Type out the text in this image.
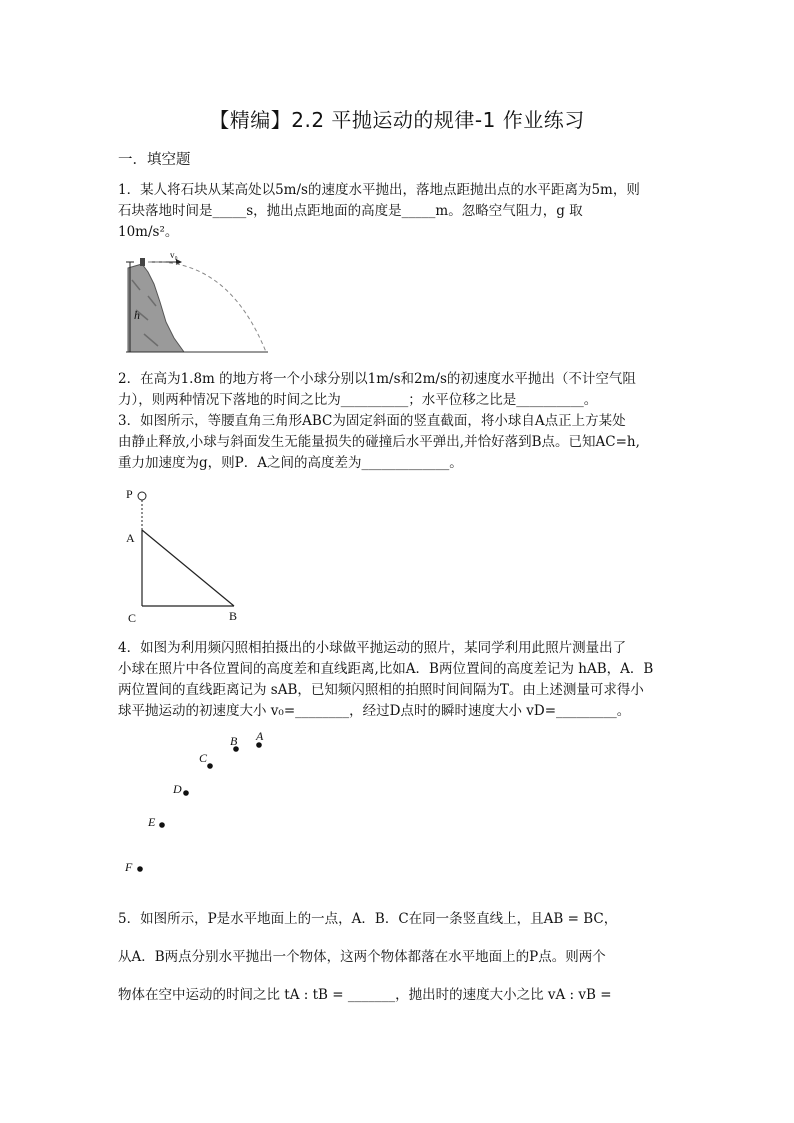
【精编】2.2 平抛运动的规律-1 作业练习
一．填空题
1．某人将石块从某高处以5m/s的速度水平抛出，落地点距抛出点的水平距离为5m，则
石块落地时间是_____s，抛出点距地面的高度是_____m。忽略空气阻力，g 取
10m/s²。
v₀
h
2．在高为1.8m 的地方将一个小球分别以1m/s和2m/s的初速度水平抛出（不计空气阻
力），则两种情况下落地的时间之比为__________；水平位移之比是__________。
3．如图所示，等腰直角三角形ABC为固定斜面的竖直截面，将小球自A点正上方某处
由静止释放,小球与斜面发生无能量损失的碰撞后水平弹出,并恰好落到B点。已知AC=h,
重力加速度为g，则P．A之间的高度差为_____________。
P
A
B
C
4．如图为利用频闪照相拍摄出的小球做平抛运动的照片，某同学利用此照片测量出了
小球在照片中各位置间的高度差和直线距离,比如A．B两位置间的高度差记为 hAB，A．B
两位置间的直线距离记为 sAB，已知频闪照相的拍照时间间隔为T。由上述测量可求得小
球平抛运动的初速度大小 v₀=________，经过D点时的瞬时速度大小 vD=_________。
A
B
C
D
E
F
5．如图所示，P是水平地面上的一点，A．B．C在同一条竖直线上，且AB = BC，
从A．B两点分别水平抛出一个物体，这两个物体都落在水平地面上的P点。则两个
物体在空中运动的时间之比 tA : tB = _______，抛出时的速度大小之比 vA : vB =
